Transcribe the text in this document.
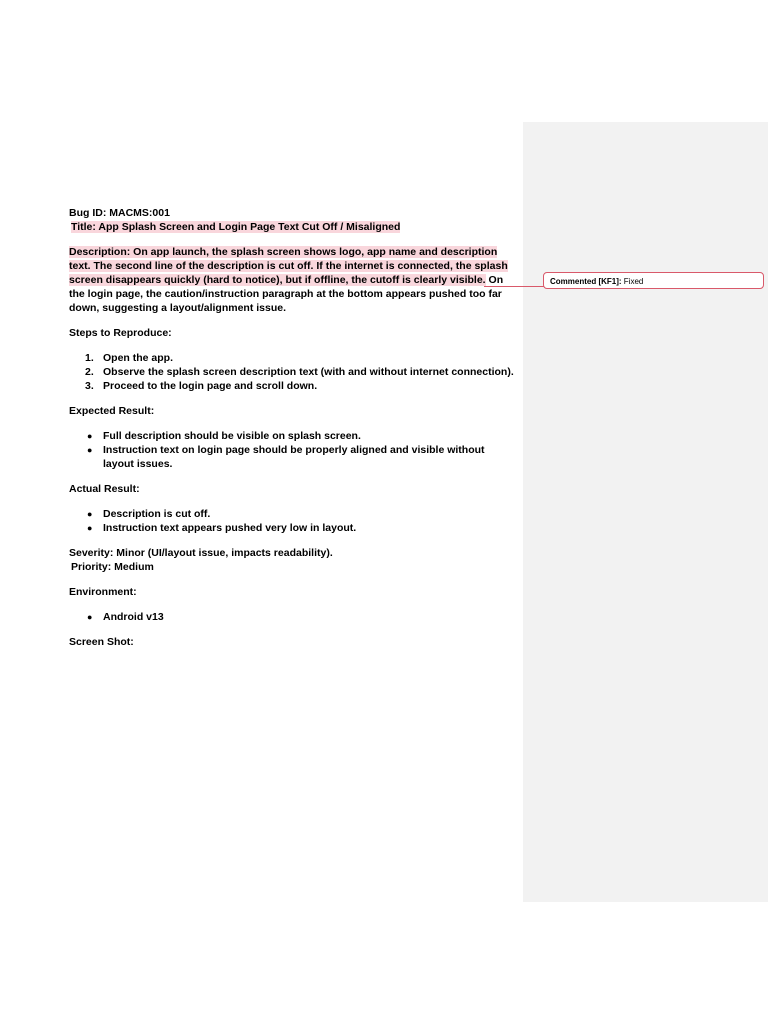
Commented [KF1]: Fixed
Bug ID: MACMS:001
Title: App Splash Screen and Login Page Text Cut Off / Misaligned
Description: On app launch, the splash screen shows logo, app name and description
text. The second line of the description is cut off. If the internet is connected, the splash
screen disappears quickly (hard to notice), but if offline, the cutoff is clearly visible. On
the login page, the caution/instruction paragraph at the bottom appears pushed too far
down, suggesting a layout/alignment issue.
Steps to Reproduce:
1. Open the app.
2. Observe the splash screen description text (with and without internet connection).
3. Proceed to the login page and scroll down.
Expected Result:
● Full description should be visible on splash screen.
● Instruction text on login page should be properly aligned and visible without layout issues.
Actual Result:
● Description is cut off.
● Instruction text appears pushed very low in layout.
Severity: Minor (UI/layout issue, impacts readability).
Priority: Medium
Environment:
● Android v13
Screen Shot:
